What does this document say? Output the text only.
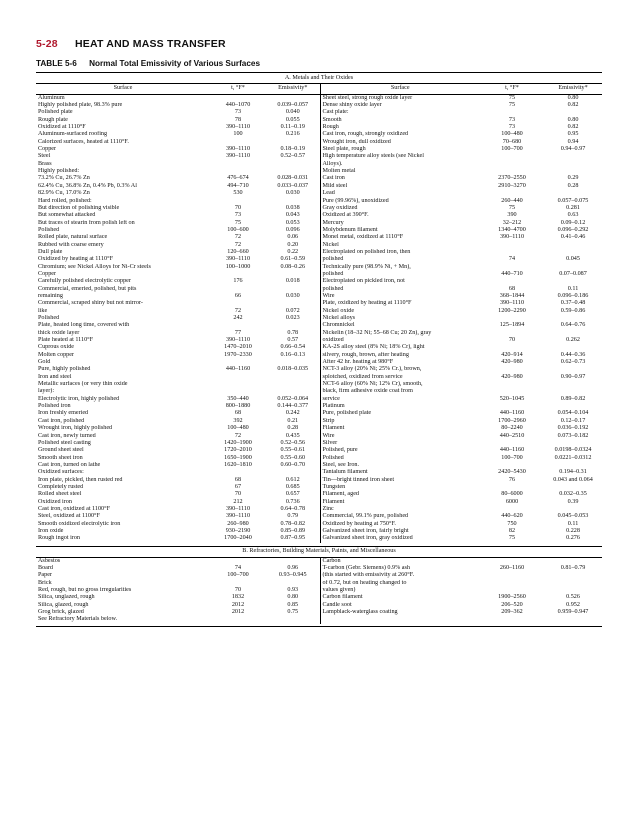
5-28 HEAT AND MASS TRANSFER
TABLE 5-6 Normal Total Emissivity of Various Surfaces
A. Metals and Their Oxides					
Surface	t, °F*	Emissivity*	Surface	t, °F*	Emissivity*
Aluminum			Sheet steel, strong rough oxide layer	75	0.80
Highly polished plate, 98.3% pure	440–1070	0.039–0.057	Dense shiny oxide layer	75	0.82
Polished plate	73	0.040	Cast plate:		
Rough plate	78	0.055	Smooth	73	0.80
Oxidized at 1110°F	390–1110	0.11–0.19	Rough	73	0.82
Aluminum-surfaced roofing	100	0.216	Cast iron, rough, strongly oxidized	100–480	0.95
Calorized surfaces, heated at 1110°F.			Wrought iron, dull oxidized	70–680	0.94
Copper	390–1110	0.18–0.19	Steel plate, rough	100–700	0.94–0.97
Steel	390–1110	0.52–0.57	High temperature alloy steels (see Nickel		
Brass			Alloys).		
Highly polished:			Molten metal		
73.2% Cu, 26.7% Zn	476–674	0.028–0.031	Cast iron	2370–2550	0.29
62.4% Cu, 36.8% Zn, 0.4% Pb, 0.3% Al	494–710	0.033–0.037	Mild steel	2910–3270	0.28
82.9% Cu, 17.0% Zn	530	0.030	Lead		
Hard rolled, polished:			Pure (99.96%), unoxidized	260–440	0.057–0.075
But direction of polishing visible	70	0.038	Gray oxidized	75	0.281
But somewhat attacked	73	0.043	Oxidized at 390°F.	390	0.63
But traces of stearin from polish left on	75	0.053	Mercury	32–212	0.09–0.12
Polished	100–600	0.096	Molybdenum filament	1340–4700	0.096–0.292
Rolled plate, natural surface	72	0.06	Monel metal, oxidized at 1110°F	390–1110	0.41–0.46
Rubbed with coarse emery	72	0.20	Nickel		
Dull plate	120–660	0.22	Electroplated on polished iron, then		
Oxidized by heating at 1110°F	390–1110	0.61–0.59	polished	74	0.045
Chromium; see Nickel Alloys for Ni-Cr steels	100–1000	0.08–0.26	Technically pure (98.9% Ni, + Mn),		
Copper			polished	440–710	0.07–0.087
Carefully polished electrolytic copper	176	0.018	Electroplated on pickled iron, not		
Commercial, emeried, polished, but pits			polished	68	0.11
remaining	66	0.030	Wire	368–1844	0.096–0.186
Commercial, scraped shiny but not mirror-			Plate, oxidized by heating at 1110°F	390–1110	0.37–0.48
like	72	0.072	Nickel oxide	1200–2290	0.59–0.86
Polished	242	0.023	Nickel alloys		
Plate, heated long time, covered with			Chromnickel	125–1894	0.64–0.76
thick oxide layer	77	0.78	Nickelin (18–32 Ni; 55–68 Cu; 20 Zn), gray		
Plate heated at 1110°F	390–1110	0.57	oxidized	70	0.262
Cuprous oxide	1470–2010	0.66–0.54	KA-2S alloy steel (8% Ni; 18% Cr), light		
Molten copper	1970–2330	0.16–0.13	silvery, rough, brown, after heating	420–914	0.44–0.36
Gold			After 42 hr. heating at 980°F	420–980	0.62–0.73
Pure, highly polished	440–1160	0.018–0.035	NCT-3 alloy (20% Ni; 25% Cr.), brown,		
Iron and steel			splotched, oxidized from service	420–980	0.90–0.97
Metallic surfaces (or very thin oxide			NCT-6 alloy (60% Ni; 12% Cr), smooth,		
layer):			black, firm adhesive oxide coat from		
Electrolytic iron, highly polished	350–440	0.052–0.064	service	520–1045	0.89–0.82
Polished iron	800–1880	0.144–0.377	Platinum		
Iron freshly emeried	68	0.242	Pure, polished plate	440–1160	0.054–0.104
Cast iron, polished	392	0.21	Strip	1700–2960	0.12–0.17
Wrought iron, highly polished	100–480	0.28	Filament	80–2240	0.036–0.192
Cast iron, newly turned	72	0.435	Wire	440–2510	0.073–0.182
Polished steel casting	1420–1900	0.52–0.56	Silver		
Ground sheet steel	1720–2010	0.55–0.61	Polished, pure	440–1160	0.0198–0.0324
Smooth sheet iron	1650–1900	0.55–0.60	Polished	100–700	0.0221–0.0312
Cast iron, turned on lathe	1620–1810	0.60–0.70	Steel, see Iron.		
Oxidized surfaces:			Tantalum filament	2420–5430	0.194–0.31
Iron plate, pickled, then rusted red	68	0.612	Tin—bright tinned iron sheet	76	0.043 and 0.064
Completely rusted	67	0.685	Tungsten		
Rolled sheet steel	70	0.657	Filament, aged	80–6000	0.032–0.35
Oxidized iron	212	0.736	Filament	6000	0.39
Cast iron, oxidized at 1100°F	390–1110	0.64–0.78	Zinc		
Steel, oxidized at 1100°F	390–1110	0.79	Commercial, 99.1% pure, polished	440–620	0.045–0.053
Smooth oxidized electrolytic iron	260–980	0.78–0.82	Oxidized by heating at 750°F.	750	0.11
Iron oxide	930–2190	0.85–0.89	Galvanized sheet iron, fairly bright	82	0.228
Rough ingot iron	1700–2040	0.87–0.95	Galvanized sheet iron, gray oxidized	75	0.276

B. Refractories, Building Materials, Paints, and Miscellaneous					
Asbestos			Carbon		
Board	74	0.96	T-carbon (Gebr. Siemens) 0.9% ash	260–1160	0.81–0.79
Paper	100–700	0.93–0.945	(this started with emissivity at 260°F.		
Brick			of 0.72, but on heating changed to		
Red, rough, but no gross irregularities	70	0.93	values given)		
Silica, unglazed, rough	1832	0.80	Carbon filament	1900–2560	0.526
Silica, glazed, rough	2012	0.85	Candle soot	206–520	0.952
Grog brick, glazed	2012	0.75	Lampblack-waterglass coating	209–362	0.959–0.947
See Refractory Materials below.					
